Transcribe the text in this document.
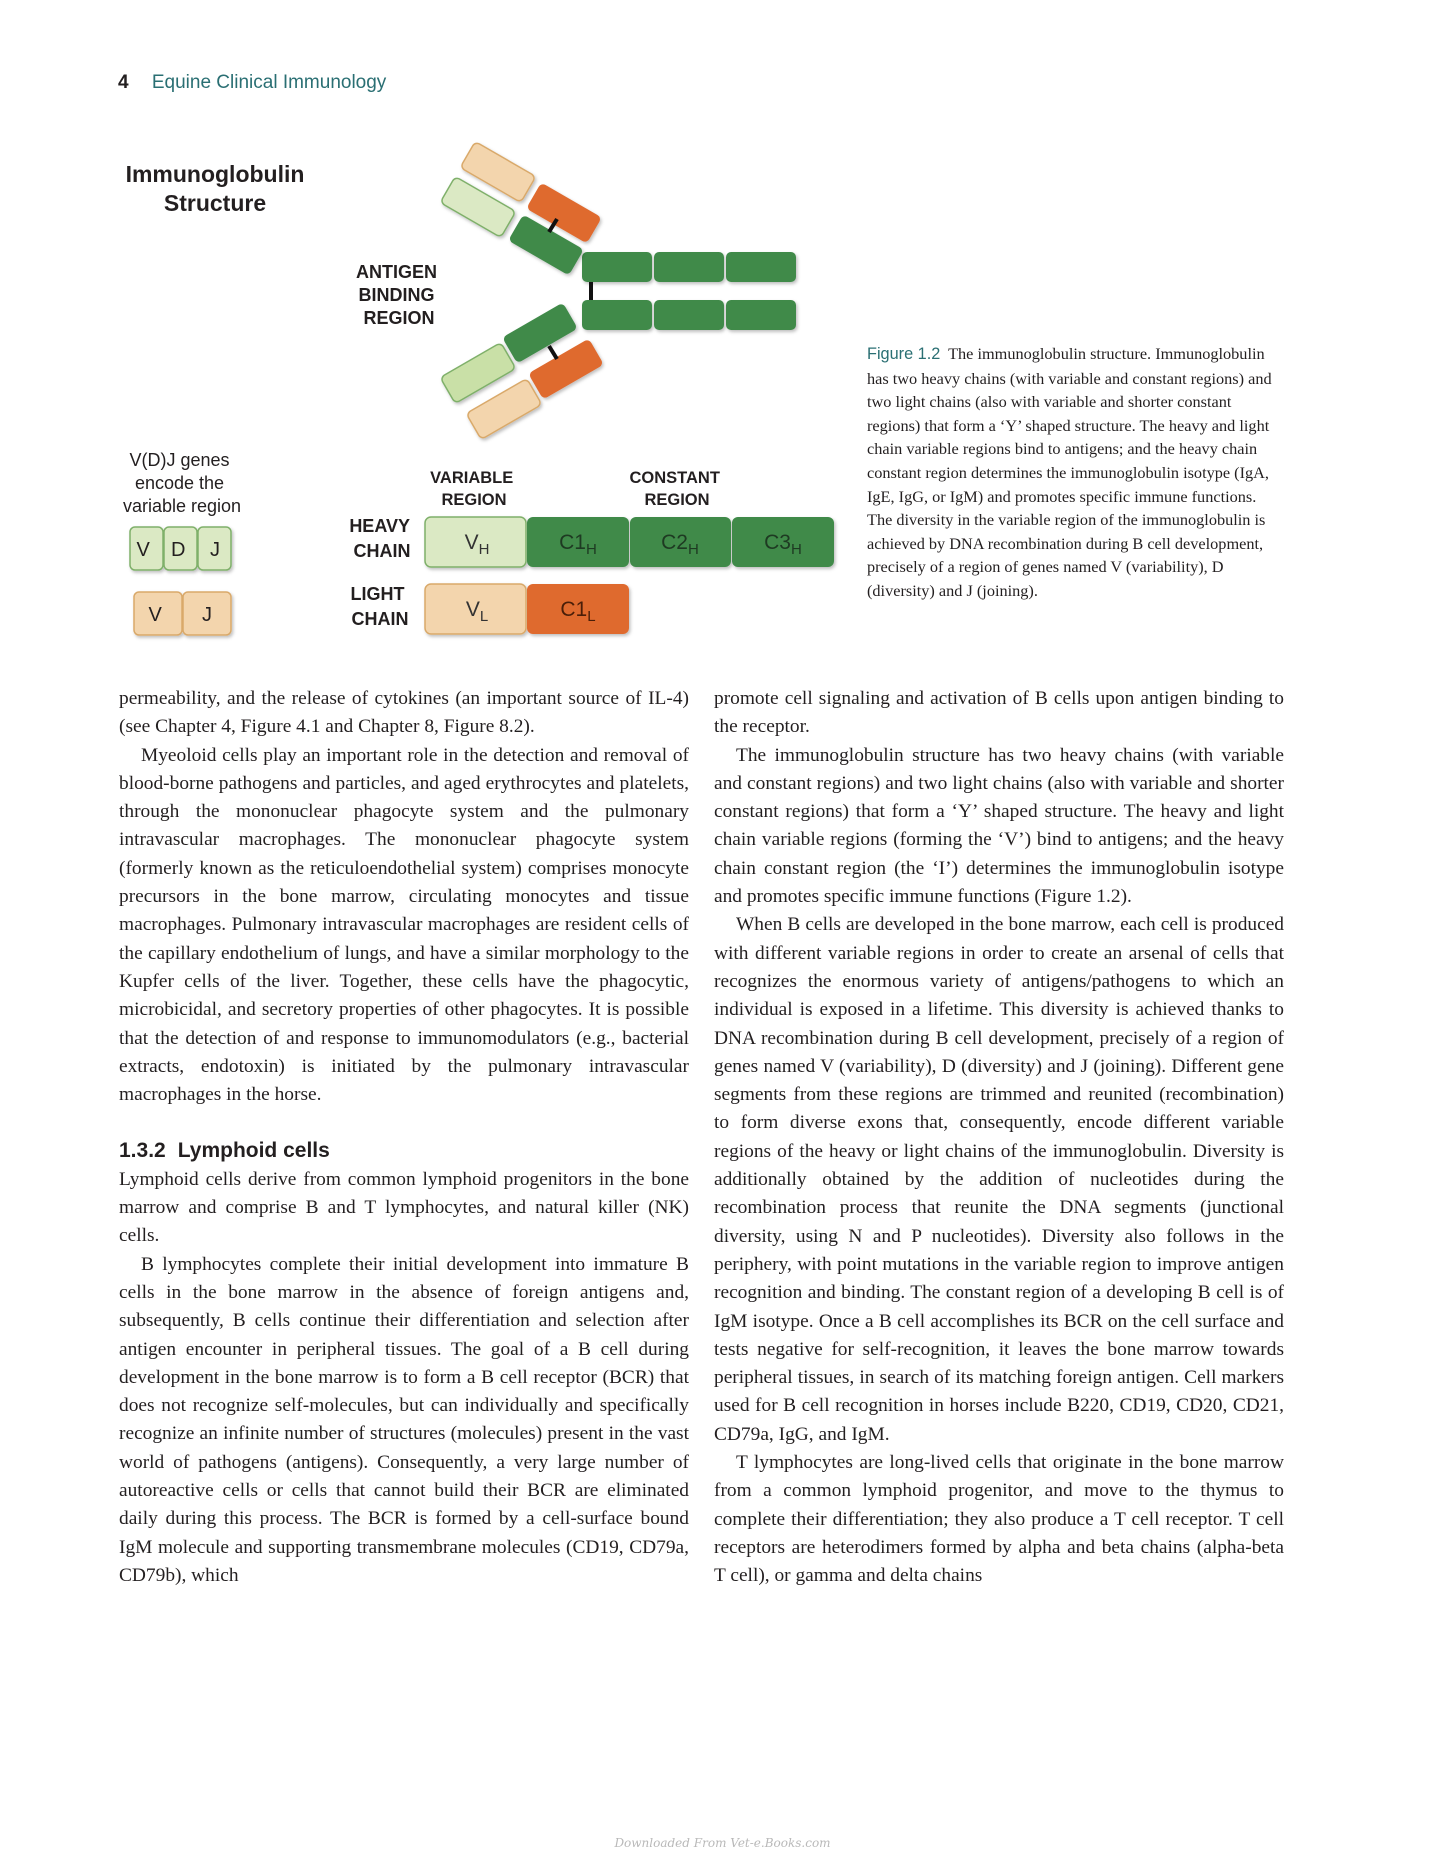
4 Equine Clinical Immunology
Immunoglobulin
Structure
ANTIGEN BINDING REGION
V(D)J genes encode the variable region
V D J
V J
VARIABLE REGION
CONSTANT REGION
HEAVY CHAIN
LIGHT CHAIN
$V_H$	$C1_H$	$C2_H$	$C3_H$
$V_L$	$C1_L$
Figure 1.2 The immunoglobulin structure. Immunoglobulin has two heavy chains (with variable and constant regions) and two light chains (also with variable and shorter constant regions) that form a ‘Y’ shaped structure. The heavy and light chain variable regions bind to antigens; and the heavy chain constant region determines the immunoglobulin isotype (IgA, IgE, IgG, or IgM) and promotes specific immune functions. The diversity in the variable region of the immunoglobulin is achieved by DNA recombination during B cell development, precisely of a region of genes named V (variability), D (diversity) and J (joining).

permeability, and the release of cytokines (an important source of IL-4) (see Chapter 4, Figure 4.1 and Chapter 8, Figure 8.2).

Myeoloid cells play an important role in the detection and removal of blood-borne pathogens and particles, and aged erythrocytes and platelets, through the mononuclear phagocyte system and the pulmonary intravascular macrophages. The mononuclear phagocyte system (formerly known as the reticuloendothelial system) comprises monocyte precursors in the bone marrow, circulating monocytes and tissue macrophages. Pulmonary intravascular macrophages are resident cells of the capillary endothelium of lungs, and have a similar morphology to the Kupfer cells of the liver. Together, these cells have the phagocytic, microbicidal, and secretory properties of other phagocytes. It is possible that the detection of and response to immunomodulators (e.g., bacterial extracts, endotoxin) is initiated by the pulmonary intravascular macrophages in the horse.

1.3.2 Lymphoid cells

Lymphoid cells derive from common lymphoid progenitors in the bone marrow and comprise B and T lymphocytes, and natural killer (NK) cells.

B lymphocytes complete their initial development into immature B cells in the bone marrow in the absence of foreign antigens and, subsequently, B cells continue their differentiation and selection after antigen encounter in peripheral tissues. The goal of a B cell during development in the bone marrow is to form a B cell receptor (BCR) that does not recognize self-molecules, but can individually and specifically recognize an infinite number of structures (molecules) present in the vast world of pathogens (antigens). Consequently, a very large number of autoreactive cells or cells that cannot build their BCR are eliminated daily during this process. The BCR is formed by a cell-surface bound IgM molecule and supporting transmembrane molecules (CD19, CD79a, CD79b), which

promote cell signaling and activation of B cells upon antigen binding to the receptor.

The immunoglobulin structure has two heavy chains (with variable and constant regions) and two light chains (also with variable and shorter constant regions) that form a ‘Y’ shaped structure. The heavy and light chain variable regions (forming the ‘V’) bind to antigens; and the heavy chain constant region (the ‘I’) determines the immunoglobulin isotype and promotes specific immune functions (Figure 1.2).

When B cells are developed in the bone marrow, each cell is produced with different variable regions in order to create an arsenal of cells that recognizes the enormous variety of antigens/pathogens to which an individual is exposed in a lifetime. This diversity is achieved thanks to DNA recombination during B cell development, precisely of a region of genes named V (variability), D (diversity) and J (joining). Different gene segments from these regions are trimmed and reunited (recombination) to form diverse exons that, consequently, encode different variable regions of the heavy or light chains of the immunoglobulin. Diversity is additionally obtained by the addition of nucleotides during the recombination process that reunite the DNA segments (junctional diversity, using N and P nucleotides). Diversity also follows in the periphery, with point mutations in the variable region to improve antigen recognition and binding. The constant region of a developing B cell is of IgM isotype. Once a B cell accomplishes its BCR on the cell surface and tests negative for self-recognition, it leaves the bone marrow towards peripheral tissues, in search of its matching foreign antigen. Cell markers used for B cell recognition in horses include B220, CD19, CD20, CD21, CD79a, IgG, and IgM.

T lymphocytes are long-lived cells that originate in the bone marrow from a common lymphoid progenitor, and move to the thymus to complete their differentiation; they also produce a T cell receptor. T cell receptors are heterodimers formed by alpha and beta chains (alpha-beta T cell), or gamma and delta chains

Downloaded From Vet-e.Books.com
